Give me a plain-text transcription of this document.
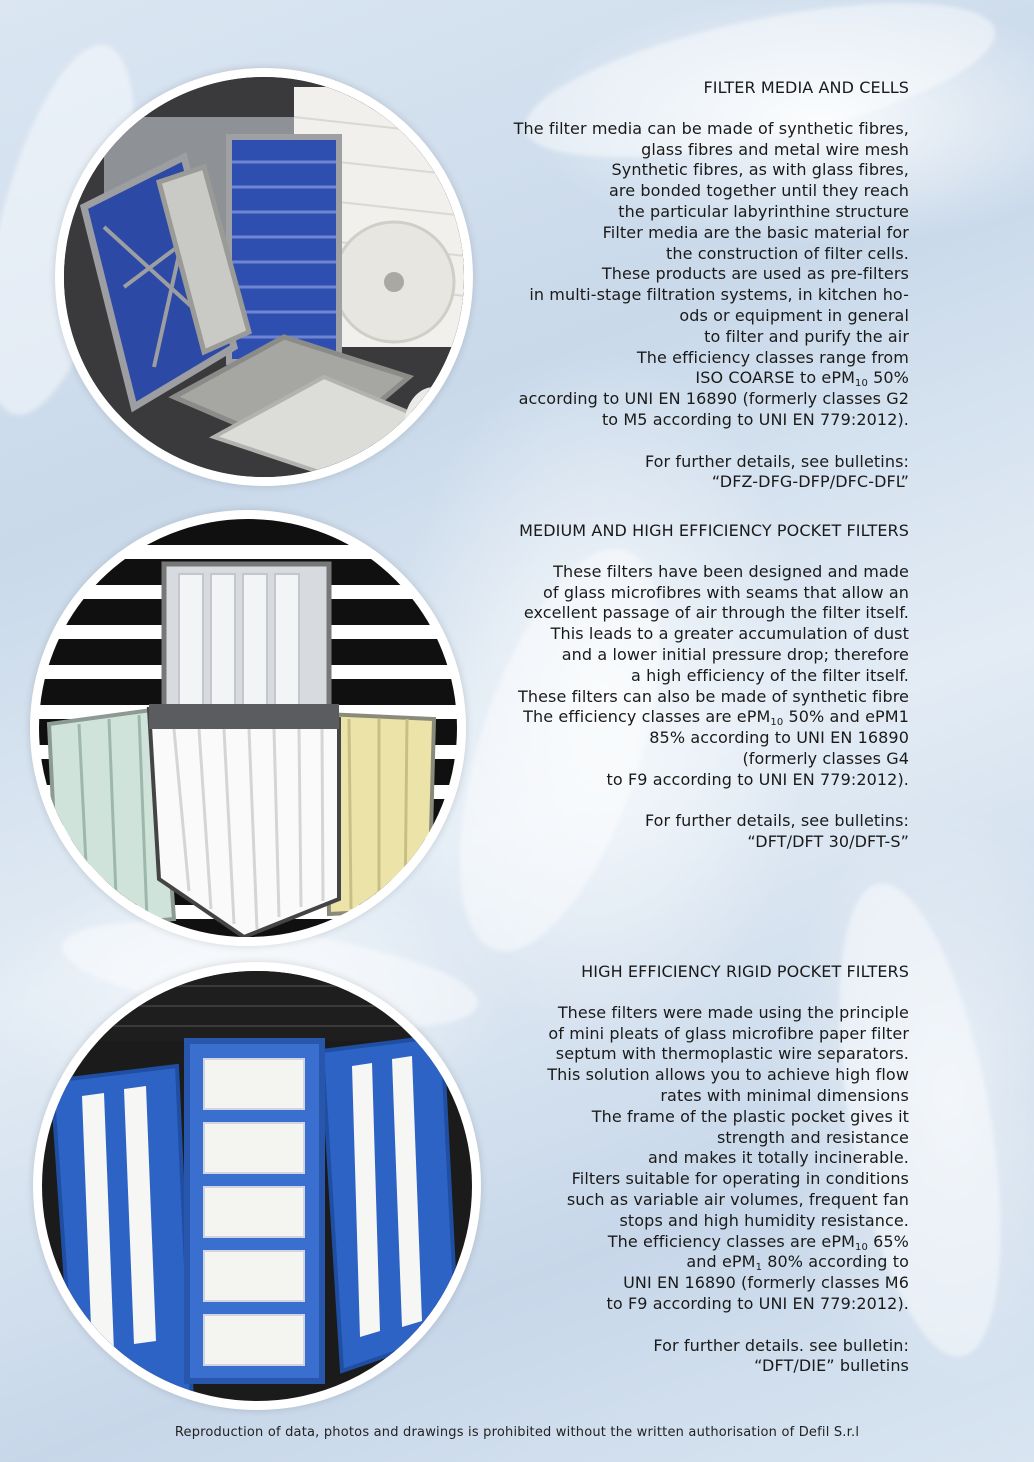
FILTER MEDIA AND CELLS
The filter media can be made of synthetic fibres,
glass fibres and metal wire mesh
Synthetic fibres, as with glass fibres,
are bonded together until they reach
the particular labyrinthine structure
Filter media are the basic material for
the construction of filter cells.
These products are used as pre-filters
in multi-stage filtration systems, in kitchen ho-
ods or equipment in general
to filter and purify the air
The efficiency classes range from
ISO COARSE to ePM$_{10}$ 50%
according to UNI EN 16890 (formerly classes G2
to M5 according to UNI EN 779:2012).
For further details, see bulletins:
“DFZ-DFG-DFP/DFC-DFL”
MEDIUM AND HIGH EFFICIENCY POCKET FILTERS
These filters have been designed and made
of glass microfibres with seams that allow an
excellent passage of air through the filter itself.
This leads to a greater accumulation of dust
and a lower initial pressure drop; therefore
a high efficiency of the filter itself.
These filters can also be made of synthetic fibre
The efficiency classes are ePM$_{10}$ 50% and ePM1
85% according to UNI EN 16890
(formerly classes G4
to F9 according to UNI EN 779:2012).
For further details, see bulletins:
“DFT/DFT 30/DFT-S”
HIGH EFFICIENCY RIGID POCKET FILTERS
These filters were made using the principle
of mini pleats of glass microfibre paper filter
septum with thermoplastic wire separators.
This solution allows you to achieve high flow
rates with minimal dimensions
The frame of the plastic pocket gives it
strength and resistance
and makes it totally incinerable.
Filters suitable for operating in conditions
such as variable air volumes, frequent fan
stops and high humidity resistance.
The efficiency classes are ePM$_{10}$ 65%
and ePM$_1$ 80% according to
UNI EN 16890 (formerly classes M6
to F9 according to UNI EN 779:2012).
For further details. see bulletin:
“DFT/DIE” bulletins
Reproduction of data, photos and drawings is prohibited without the written authorisation of Defil S.r.l
